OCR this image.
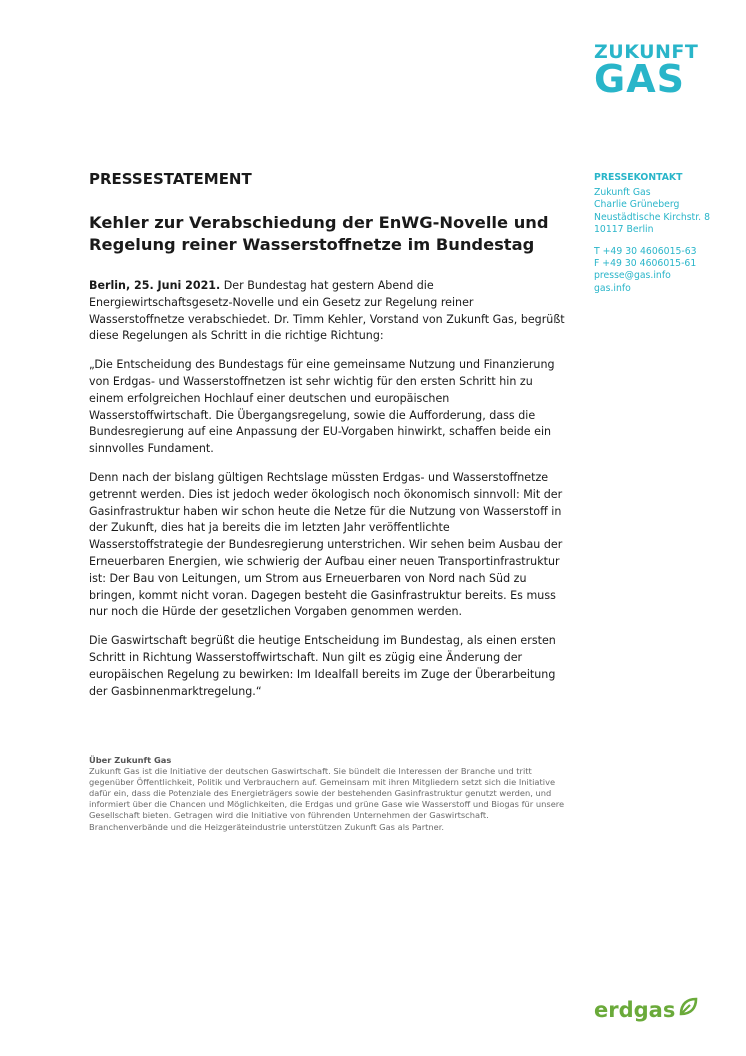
ZUKUNFT
GAS
PRESSEKONTAKT
Zukunft Gas
Charlie Grüneberg
Neustädtische Kirchstr. 8
10117 Berlin
T +49 30 4606015-63
F +49 30 4606015-61
presse@gas.info
gas.info
PRESSESTATEMENT
Kehler zur Verabschiedung der EnWG-Novelle und Regelung reiner Wasserstoffnetze im Bundestag

Berlin, 25. Juni 2021. Der Bundestag hat gestern Abend die Energiewirtschaftsgesetz-Novelle und ein Gesetz zur Regelung reiner Wasserstoffnetze verabschiedet. Dr. Timm Kehler, Vorstand von Zukunft Gas, begrüßt diese Regelungen als Schritt in die richtige Richtung:

„Die Entscheidung des Bundestags für eine gemeinsame Nutzung und Finanzierung von Erdgas- und Wasserstoffnetzen ist sehr wichtig für den ersten Schritt hin zu einem erfolgreichen Hochlauf einer deutschen und europäischen Wasserstoffwirtschaft. Die Übergangsregelung, sowie die Aufforderung, dass die Bundesregierung auf eine Anpassung der EU-Vorgaben hinwirkt, schaffen beide ein sinnvolles Fundament.

Denn nach der bislang gültigen Rechtslage müssten Erdgas- und Wasserstoffnetze getrennt werden. Dies ist jedoch weder ökologisch noch ökonomisch sinnvoll: Mit der Gasinfrastruktur haben wir schon heute die Netze für die Nutzung von Wasserstoff in der Zukunft, dies hat ja bereits die im letzten Jahr veröffentlichte Wasserstoffstrategie der Bundesregierung unterstrichen. Wir sehen beim Ausbau der Erneuerbaren Energien, wie schwierig der Aufbau einer neuen Transportinfrastruktur ist: Der Bau von Leitungen, um Strom aus Erneuerbaren von Nord nach Süd zu bringen, kommt nicht voran. Dagegen besteht die Gasinfrastruktur bereits. Es muss nur noch die Hürde der gesetzlichen Vorgaben genommen werden.

Die Gaswirtschaft begrüßt die heutige Entscheidung im Bundestag, als einen ersten Schritt in Richtung Wasserstoffwirtschaft. Nun gilt es zügig eine Änderung der europäischen Regelung zu bewirken: Im Idealfall bereits im Zuge der Überarbeitung der Gasbinnenmarktregelung.“

Über Zukunft Gas
Zukunft Gas ist die Initiative der deutschen Gaswirtschaft. Sie bündelt die Interessen der Branche und tritt gegenüber Öffentlichkeit, Politik und Verbrauchern auf. Gemeinsam mit ihren Mitgliedern setzt sich die Initiative dafür ein, dass die Potenziale des Energieträgers sowie der bestehenden Gasinfrastruktur genutzt werden, und informiert über die Chancen und Möglichkeiten, die Erdgas und grüne Gase wie Wasserstoff und Biogas für unsere Gesellschaft bieten. Getragen wird die Initiative von führenden Unternehmen der Gaswirtschaft. Branchenverbände und die Heizgeräteindustrie unterstützen Zukunft Gas als Partner.
erdgas
